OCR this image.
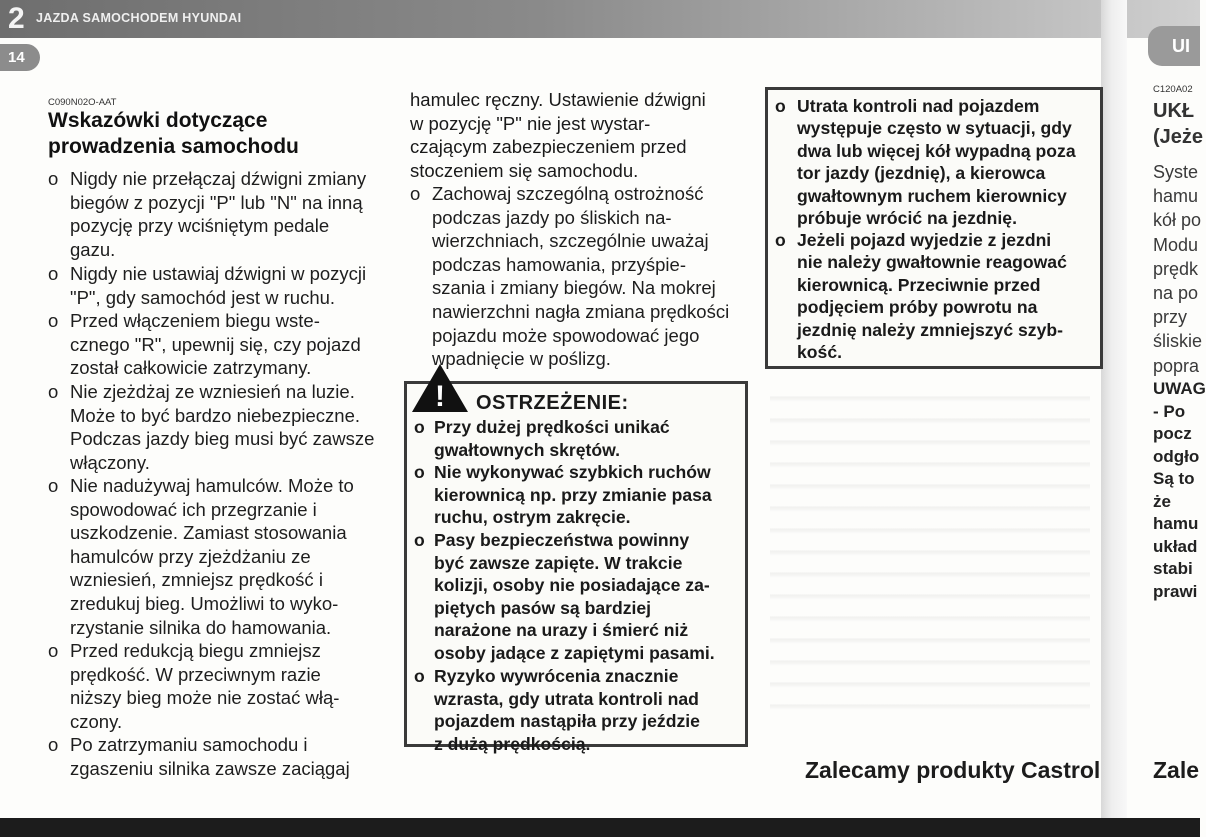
2 JAZDA SAMOCHODEM HYUNDAI
14
UI
C090N02O-AAT
Wskazówki dotyczące
prowadzenia samochodu
o Nigdy nie przełączaj dźwigni zmiany
biegów z pozycji "P" lub "N" na inną
pozycję przy wciśniętym pedale
gazu.
o Nigdy nie ustawiaj dźwigni w pozycji
"P", gdy samochód jest w ruchu.
o Przed włączeniem biegu wste-
cznego "R", upewnij się, czy pojazd
został całkowicie zatrzymany.
o Nie zjeżdżaj ze wzniesień na luzie.
Może to być bardzo niebezpieczne.
Podczas jazdy bieg musi być zawsze
włączony.
o Nie nadużywaj hamulców. Może to
spowodować ich przegrzanie i
uszkodzenie. Zamiast stosowania
hamulców przy zjeżdżaniu ze
wzniesień, zmniejsz prędkość i
zredukuj bieg. Umożliwi to wyko-
rzystanie silnika do hamowania.
o Przed redukcją biegu zmniejsz
prędkość. W przeciwnym razie
niższy bieg może nie zostać włą-
czony.
o Po zatrzymaniu samochodu i
zgaszeniu silnika zawsze zaciągaj

hamulec ręczny. Ustawienie dźwigni

w pozycję "P" nie jest wystar-

czającym zabezpieczeniem przed

stoczeniem się samochodu.

o Zachowaj szczególną ostrożność
podczas jazdy po śliskich na-
wierzchniach, szczególnie uważaj
podczas hamowania, przyśpie-
szania i zmiany biegów. Na mokrej
nawierzchni nagła zmiana prędkości
pojazdu może spowodować jego
wpadnięcie w poślizg.
! OSTRZEŻENIE:
o Przy dużej prędkości unikać
gwałtownych skrętów.
o Nie wykonywać szybkich ruchów
kierownicą np. przy zmianie pasa
ruchu, ostrym zakręcie.
o Pasy bezpieczeństwa powinny
być zawsze zapięte. W trakcie
kolizji, osoby nie posiadające za-
piętych pasów są bardziej
narażone na urazy i śmierć niż
osoby jadące z zapiętymi pasami.
o Ryzyko wywrócenia znacznie
wzrasta, gdy utrata kontroli nad
pojazdem nastąpiła przy jeździe
z dużą prędkością.
o Utrata kontroli nad pojazdem
występuje często w sytuacji, gdy
dwa lub więcej kół wypadną poza
tor jazdy (jezdnię), a kierowca
gwałtownym ruchem kierownicy
próbuje wrócić na jezdnię.
o Jeżeli pojazd wyjedzie z jezdni
nie należy gwałtownie reagować
kierownicą. Przeciwnie przed
podjęciem próby powrotu na
jezdnię należy zmniejszyć szyb-
kość.
Zalecamy produkty Castrol
C120A02
UKŁ
(Jeże
Syste
hamu
kół po
Modu
prędk
na po
przy
śliskie
popra
UWAG
- Po
pocz
odgło
Są to
że
hamu
układ
stabi
prawi
Zale
